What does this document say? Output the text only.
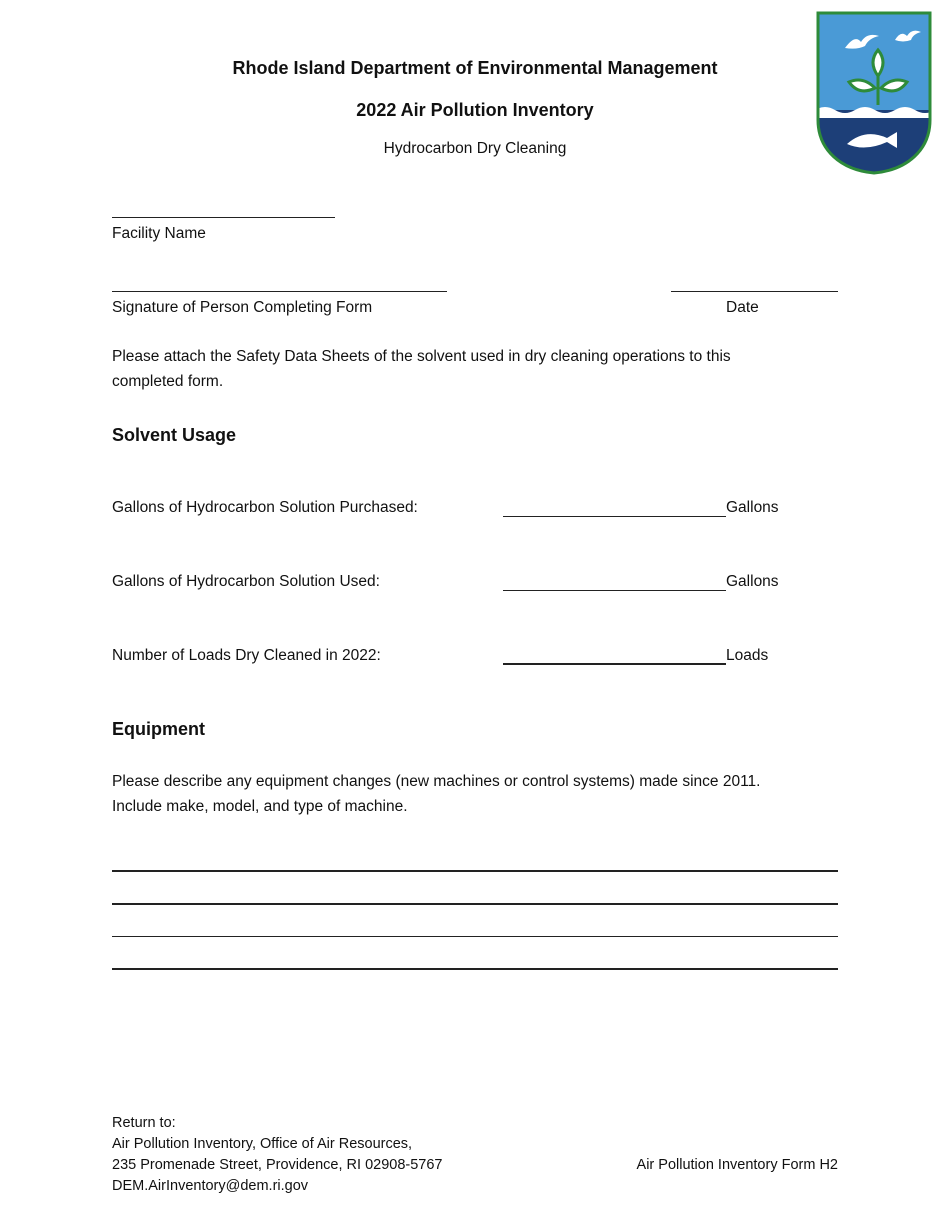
Rhode Island Department of Environmental Management
2022 Air Pollution Inventory
Hydrocarbon Dry Cleaning
Facility Name
Signature of Person Completing Form	Date
Please attach the Safety Data Sheets of the solvent used in dry cleaning operations to this
completed form.
Solvent Usage
Gallons of Hydrocarbon Solution Purchased:	Gallons
Gallons of Hydrocarbon Solution Used:	Gallons
Number of Loads Dry Cleaned in 2022:	Loads
Equipment
Please describe any equipment changes (new machines or control systems) made since 2011.
Include make, model, and type of machine.
Return to:
Air Pollution Inventory, Office of Air Resources,
235 Promenade Street, Providence, RI 02908-5767
DEM.AirInventory@dem.ri.gov
Air Pollution Inventory Form H2
